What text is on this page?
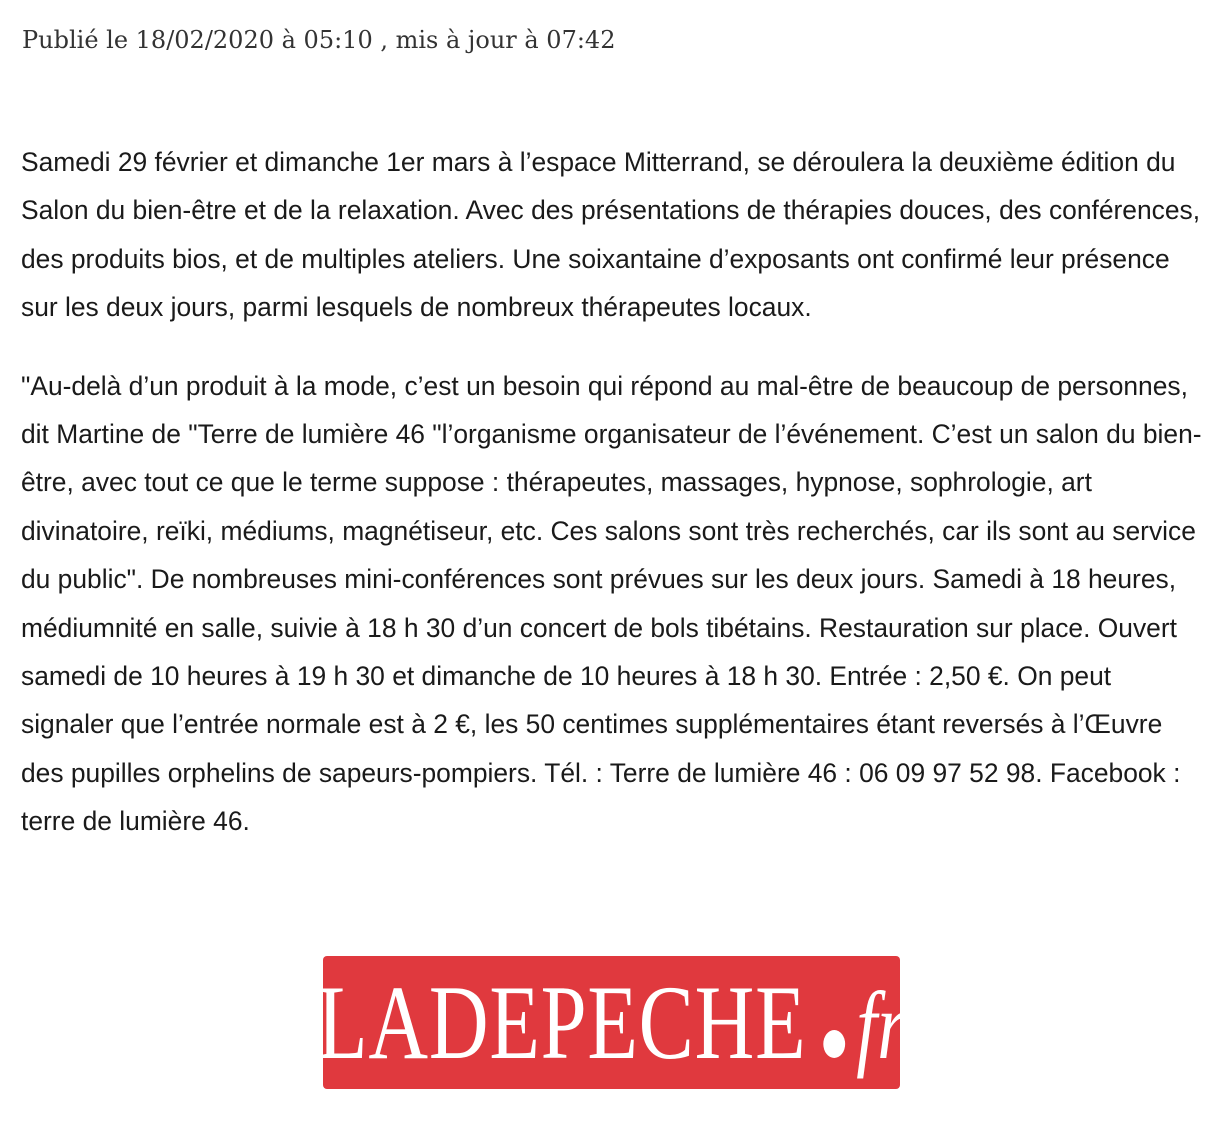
Publié le 18/02/2020 à 05:10 , mis à jour à 07:42

Samedi 29 février et dimanche 1er mars à l’espace Mitterrand, se déroulera la deuxième édition du Salon du bien-être et de la relaxation. Avec des présentations de thérapies douces, des conférences, des produits bios, et de multiples ateliers. Une soixantaine d’exposants ont confirmé leur présence sur les deux jours, parmi lesquels de nombreux thérapeutes locaux.

"Au-delà d’un produit à la mode, c’est un besoin qui répond au mal-être de beaucoup de personnes, dit Martine de "Terre de lumière 46 "l’organisme organisateur de l’événement. C’est un salon du bien-être, avec tout ce que le terme suppose : thérapeutes, massages, hypnose, sophrologie, art divinatoire, reïki, médiums, magnétiseur, etc. Ces salons sont très recherchés, car ils sont au service du public". De nombreuses mini-conférences sont prévues sur les deux jours. Samedi à 18 heures, médiumnité en salle, suivie à 18 h 30 d’un concert de bols tibétains. Restauration sur place. Ouvert samedi de 10 heures à 19 h 30 et dimanche de 10 heures à 18 h 30. Entrée : 2,50 €. On peut signaler que l’entrée normale est à 2 €, les 50 centimes supplémentaires étant reversés à l’Œuvre des pupilles orphelins de sapeurs-pompiers. Tél. : Terre de lumière 46 : 06 09 97 52 98. Facebook : terre de lumière 46.

LADEPECHE fr
